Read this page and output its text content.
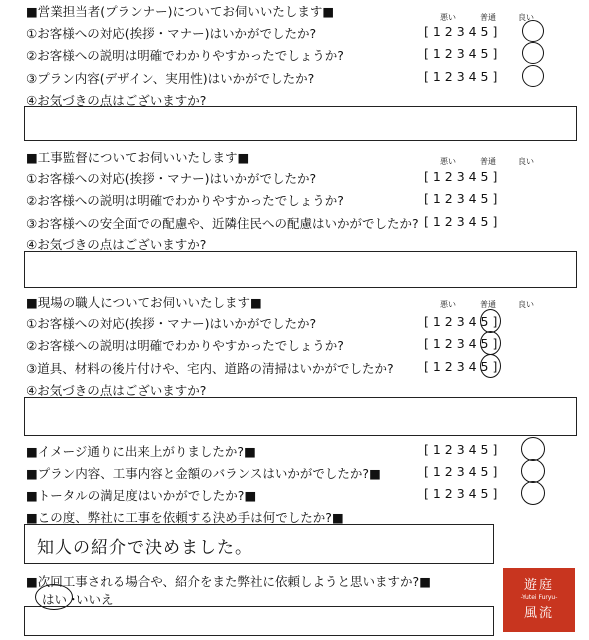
■営業担当者(プランナー)についてお伺いいたします■	悪い	普通	良い
①お客様への対応(挨拶・マナー)はいかがでしたか?	[ 1 2 3 4 5 ]
②お客様への説明は明確でわかりやすかったでしょうか?	[ 1 2 3 4 5 ]
③プラン内容(デザイン、実用性)はいかがでしたか?	[ 1 2 3 4 5 ]
④お気づきの点はございますか?
■工事監督についてお伺いいたします■	悪い	普通	良い
①お客様への対応(挨拶・マナー)はいかがでしたか?	[ 1 2 3 4 5 ]
②お客様への説明は明確でわかりやすかったでしょうか?	[ 1 2 3 4 5 ]
③お客様への安全面での配慮や、近隣住民への配慮はいかがでしたか? [ 1 2 3 4 5 ]
④お気づきの点はございますか?
■現場の職人についてお伺いいたします■	悪い	普通	良い
①お客様への対応(挨拶・マナー)はいかがでしたか?	[ 1 2 3 4 5 ]
②お客様への説明は明確でわかりやすかったでしょうか?	[ 1 2 3 4 5 ]
③道具、材料の後片付けや、宅内、道路の清掃はいかがでしたか? [ 1 2 3 4 5 ]
④お気づきの点はございますか?
■イメージ通りに出来上がりましたか?■	[ 1 2 3 4 5 ]
■プラン内容、工事内容と金額のバランスはいかがでしたか?■	[ 1 2 3 4 5 ]
■トータルの満足度はいかがでしたか?■	[ 1 2 3 4 5 ]
■この度、弊社に工事を依頼する決め手は何でしたか?■
知人の紹介で決めました。
■次回工事される場合や、紹介をまた弊社に依頼しようと思いますか?■
はい ・
いいえ
遊庭
-Yutei Furyu-
風流
